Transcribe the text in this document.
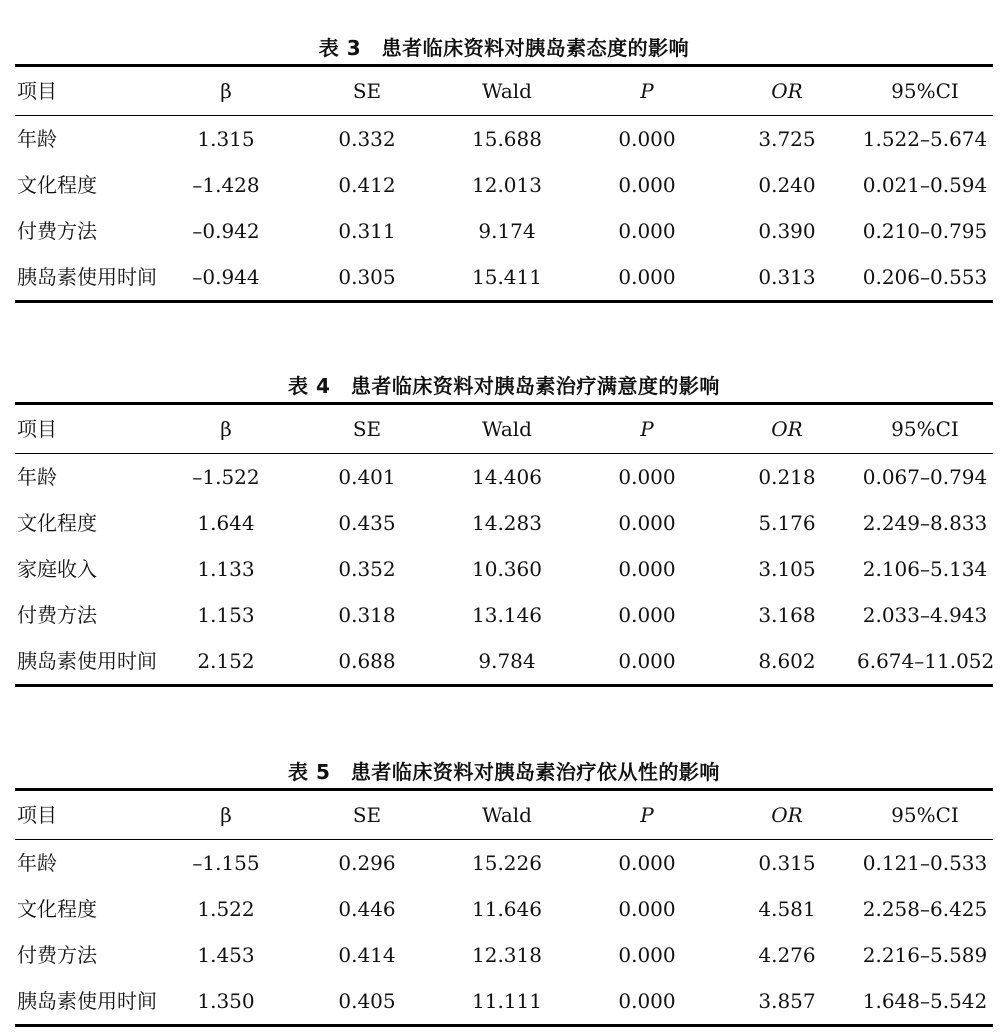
表 3　患者临床资料对胰岛素态度的影响
项目	β	SE	Wald	P	OR	95%CI
年龄	1.315	0.332	15.688	0.000	3.725	1.522–5.674
文化程度	–1.428	0.412	12.013	0.000	0.240	0.021–0.594
付费方法	–0.942	0.311	9.174	0.000	0.390	0.210–0.795
胰岛素使用时间	–0.944	0.305	15.411	0.000	0.313	0.206–0.553
表 4　患者临床资料对胰岛素治疗满意度的影响
项目	β	SE	Wald	P	OR	95%CI
年龄	–1.522	0.401	14.406	0.000	0.218	0.067–0.794
文化程度	1.644	0.435	14.283	0.000	5.176	2.249–8.833
家庭收入	1.133	0.352	10.360	0.000	3.105	2.106–5.134
付费方法	1.153	0.318	13.146	0.000	3.168	2.033–4.943
胰岛素使用时间	2.152	0.688	9.784	0.000	8.602	6.674–11.052
表 5　患者临床资料对胰岛素治疗依从性的影响
项目	β	SE	Wald	P	OR	95%CI
年龄	–1.155	0.296	15.226	0.000	0.315	0.121–0.533
文化程度	1.522	0.446	11.646	0.000	4.581	2.258–6.425
付费方法	1.453	0.414	12.318	0.000	4.276	2.216–5.589
胰岛素使用时间	1.350	0.405	11.111	0.000	3.857	1.648–5.542
